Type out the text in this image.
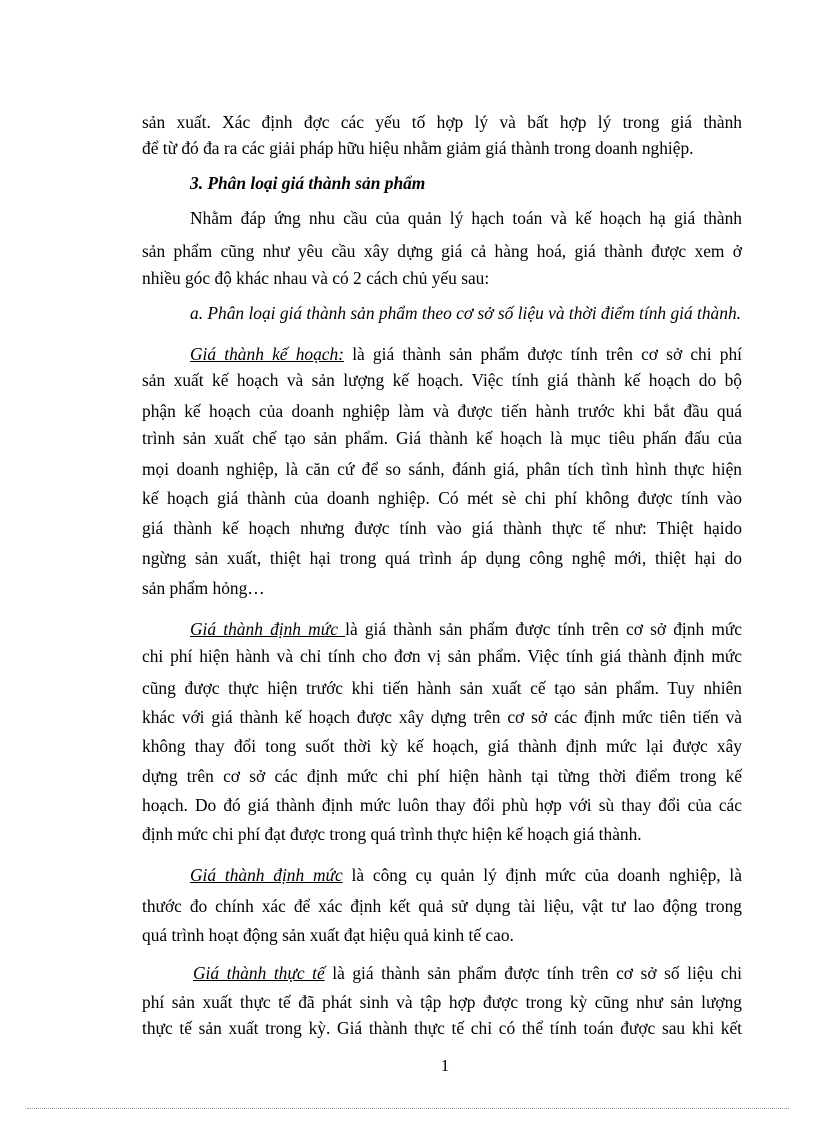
sản xuất. Xác định đợc các yếu tố hợp lý và bất hợp lý trong giá thành
để từ đó đa ra các giải pháp hữu hiệu nhằm giảm giá thành trong doanh nghiệp.
3. Phân loại giá thành sản phẩm
Nhằm đáp ứng nhu cầu của quản lý hạch toán và kế hoạch hạ giá thành
sản phẩm cũng như yêu cầu xây dựng giá cả hàng hoá, giá thành được xem ở
nhiều góc độ khác nhau và có 2 cách chủ yếu sau:
a. Phân loại giá thành sản phẩm theo cơ sở số liệu và thời điểm tính giá thành.
Giá thành kế hoạch: là giá thành sản phẩm được tính trên cơ sở chi phí
sản xuất kế hoạch và sản lượng kế hoạch. Việc tính giá thành kế hoạch do bộ
phận kế hoạch của doanh nghiệp làm và được tiến hành trước khi bắt đầu quá
trình sản xuất chế tạo sản phẩm. Giá thành kế hoạch là mục tiêu phấn đấu của
mọi doanh nghiệp, là căn cứ để so sánh, đánh giá, phân tích tình hình thực hiện
kế hoạch giá thành của doanh nghiệp. Có mét sè chi phí không được tính vào
giá thành kế hoạch nhưng được tính vào giá thành thực tế như: Thiệt hạido
ngừng sản xuất, thiệt hại trong quá trình áp dụng công nghệ mới, thiệt hại do
sản phẩm hỏng…
Giá thành định mức là giá thành sản phẩm được tính trên cơ sở định mức
chi phí hiện hành và chỉ tính cho đơn vị sản phẩm. Việc tính giá thành định mức
cũng được thực hiện trước khi tiến hành sản xuất cế tạo sản phẩm. Tuy nhiên
khác với giá thành kế hoạch được xây dựng trên cơ sở các định mức tiên tiến và
không thay đổi tong suốt thời kỳ kế hoạch, giá thành định mức lại được xây
dựng trên cơ sở các định mức chi phí hiện hành tại từng thời điểm trong kế
hoạch. Do đó giá thành định mức luôn thay đổi phù hợp với sù thay đổi của các
định mức chi phí đạt được trong quá trình thực hiện kế hoạch giá thành.
Giá thành định mức là công cụ quản lý định mức của doanh nghiệp, là
thước đo chính xác để xác định kết quả sử dụng tài liệu, vật tư lao động trong
quá trình hoạt động sản xuất đạt hiệu quả kinh tế cao.
Giá thành thực tế là giá thành sản phẩm được tính trên cơ sở số liệu chi
phí sản xuất thực tế đã phát sinh và tập hợp được trong kỳ cũng như sản lượng
thực tế sản xuất trong kỳ. Giá thành thực tế chỉ có thể tính toán được sau khi kết
1
